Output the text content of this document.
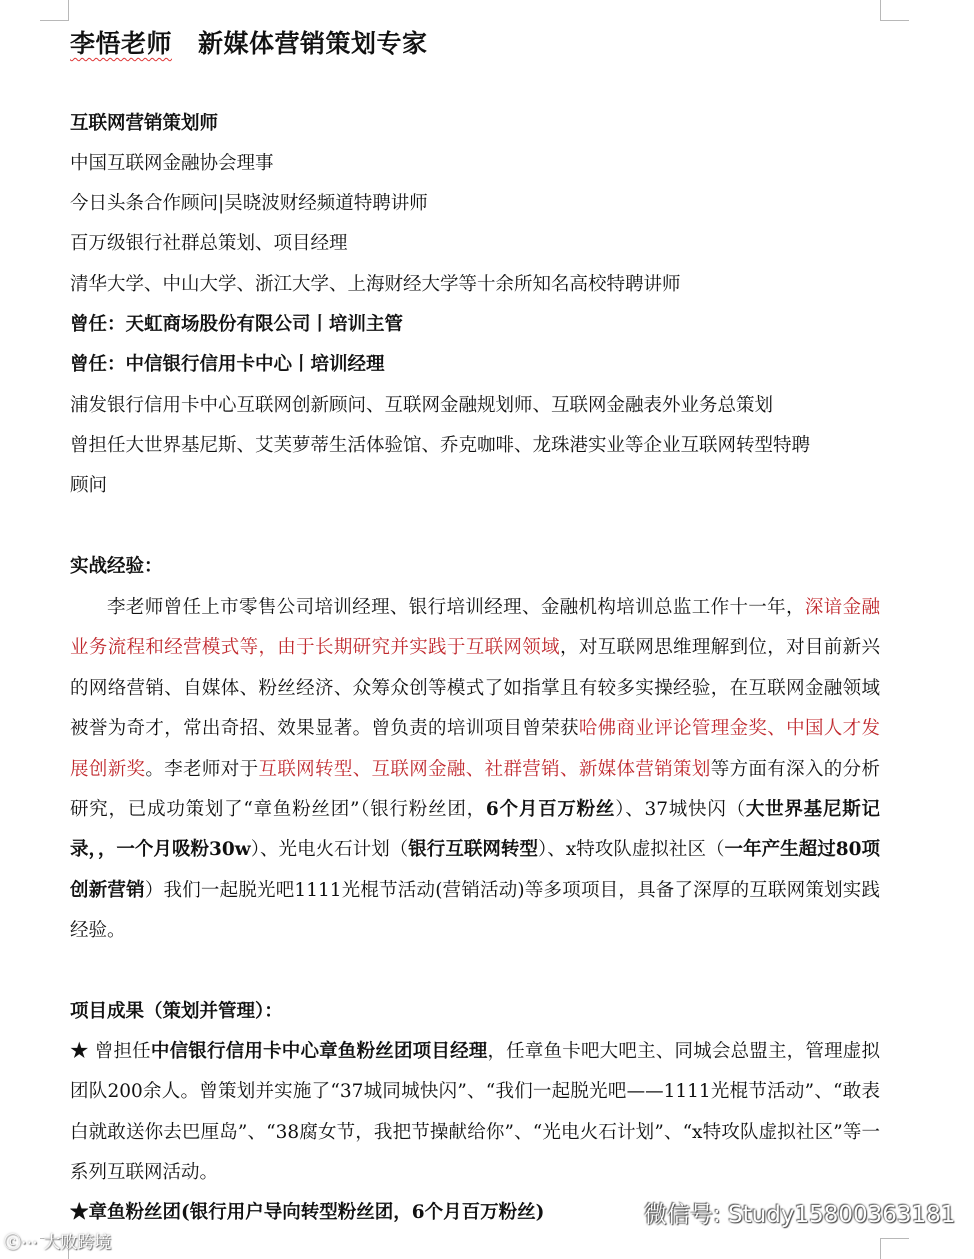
李悟老师 新媒体营销策划专家
互联网营销策划师
中国互联网金融协会理事
今日头条合作顾问|吴晓波财经频道特聘讲师
百万级银行社群总策划、项目经理
清华大学、中山大学、浙江大学、上海财经大学等十余所知名高校特聘讲师
曾任：天虹商场股份有限公司丨培训主管
曾任：中信银行信用卡中心丨培训经理
浦发银行信用卡中心互联网创新顾问、互联网金融规划师、互联网金融表外业务总策划
曾担任大世界基尼斯、艾芙萝蒂生活体验馆、乔克咖啡、龙珠港实业等企业互联网转型特聘
顾问
实战经验：
李老师曾任上市零售公司培训经理、银行培训经理、金融机构培训总监工作十一年，深谙金融业务流程和经营模式等，由于长期研究并实践于互联网领域，对互联网思维理解到位，对目前新兴的网络营销、自媒体、粉丝经济、众筹众创等模式了如指掌且有较多实操经验，在互联网金融领域被誉为奇才，常出奇招、效果显著。曾负责的培训项目曾荣获哈佛商业评论管理金奖、中国人才发展创新奖。李老师对于互联网转型、互联网金融、社群营销、新媒体营销策划等方面有深入的分析研究，已成功策划了“章鱼粉丝团”（银行粉丝团，6个月百万粉丝）、37城快闪（大世界基尼斯记录，，一个月吸粉30w）、光电火石计划（银行互联网转型）、x特攻队虚拟社区（一年产生超过80项创新营销）我们一起脱光吧1111光棍节活动(营销活动)等多项项目，具备了深厚的互联网策划实践经验。
项目成果（策划并管理）：
★ 曾担任中信银行信用卡中心章鱼粉丝团项目经理，任章鱼卡吧大吧主、同城会总盟主，管理虚拟团队200余人。曾策划并实施了“37城同城快闪”、“我们一起脱光吧——1111光棍节活动”、“敢表白就敢送你去巴厘岛”、“38腐女节，我把节操献给你”、“光电火石计划”、“x特攻队虚拟社区”等一系列互联网活动。
★章鱼粉丝团(银行用户导向转型粉丝团，6个月百万粉丝)	微信号: Study15800363181
ⓒ⋯ 大败跨境
